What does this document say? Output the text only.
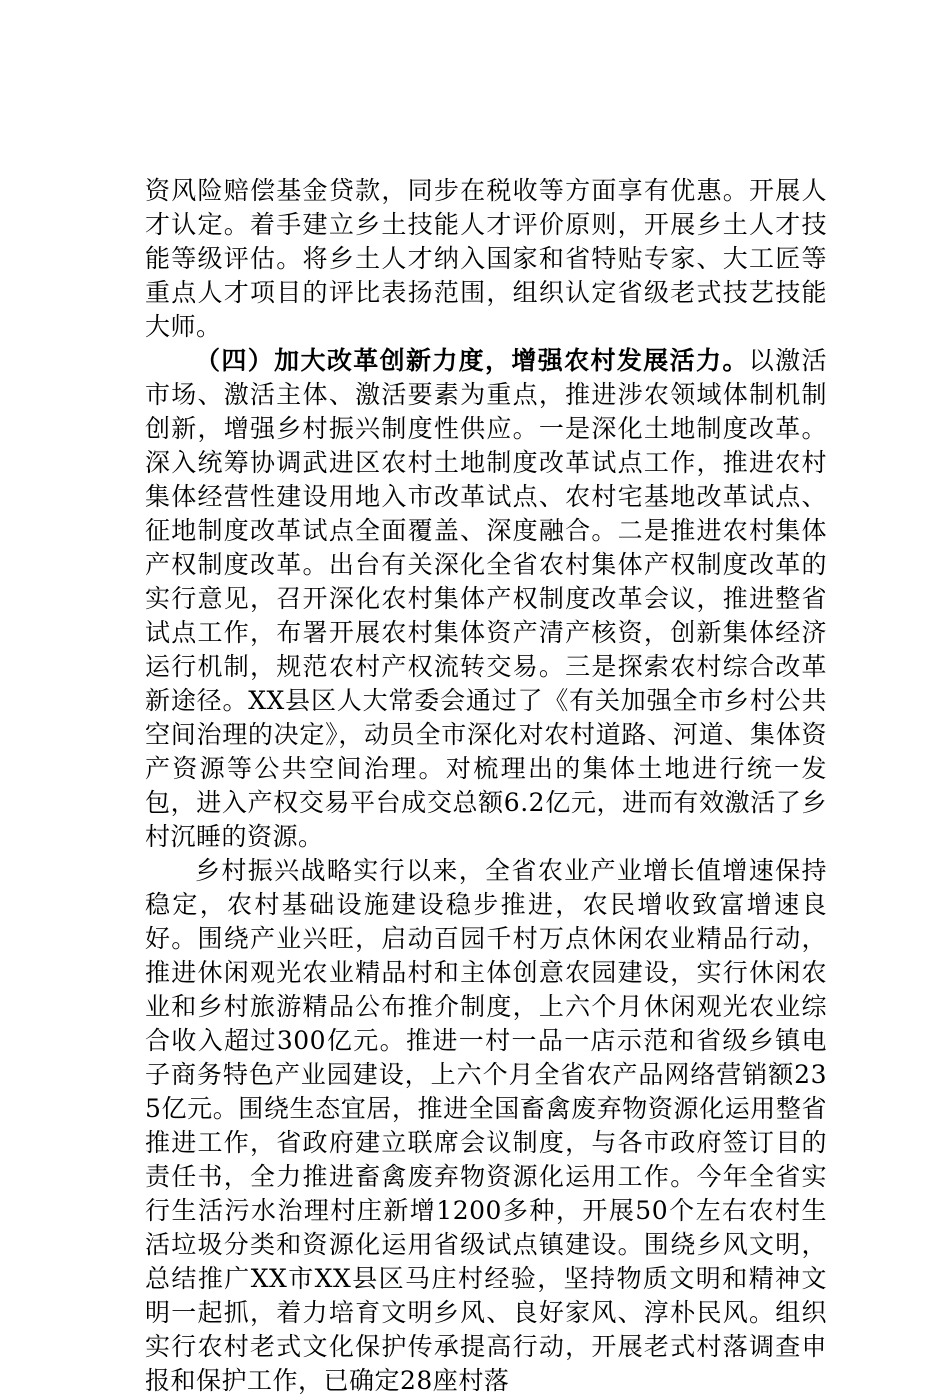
资风险赔偿基金贷款，同步在税收等方面享有优惠。开展人才认定。着手建立乡土技能人才评价原则，开展乡土人才技能等级评估。将乡土人才纳入国家和省特贴专家、大工匠等重点人才项目的评比表扬范围，组织认定省级老式技艺技能大师。

（四）加大改革创新力度，增强农村发展活力。以激活市场、激活主体、激活要素为重点，推进涉农领域体制机制创新，增强乡村振兴制度性供应。一是深化土地制度改革。深入统筹协调武进区农村土地制度改革试点工作，推进农村集体经营性建设用地入市改革试点、农村宅基地改革试点、征地制度改革试点全面覆盖、深度融合。二是推进农村集体产权制度改革。出台有关深化全省农村集体产权制度改革的实行意见，召开深化农村集体产权制度改革会议，推进整省试点工作，布署开展农村集体资产清产核资，创新集体经济运行机制，规范农村产权流转交易。三是探索农村综合改革新途径。XX县区人大常委会通过了《有关加强全市乡村公共空间治理的决定》，动员全市深化对农村道路、河道、集体资产资源等公共空间治理。对梳理出的集体土地进行统一发包，进入产权交易平台成交总额6.2亿元，进而有效激活了乡村沉睡的资源。

乡村振兴战略实行以来，全省农业产业增长值增速保持稳定，农村基础设施建设稳步推进，农民增收致富增速良好。围绕产业兴旺，启动百园千村万点休闲农业精品行动，推进休闲观光农业精品村和主体创意农园建设，实行休闲农业和乡村旅游精品公布推介制度，上六个月休闲观光农业综合收入超过300亿元。推进一村一品一店示范和省级乡镇电子商务特色产业园建设，上六个月全省农产品网络营销额235亿元。围绕生态宜居，推进全国畜禽废弃物资源化运用整省推进工作，省政府建立联席会议制度，与各市政府签订目的责任书，全力推进畜禽废弃物资源化运用工作。今年全省实行生活污水治理村庄新增1200多种，开展50个左右农村生活垃圾分类和资源化运用省级试点镇建设。围绕乡风文明，总结推广XX市XX县区马庄村经验，坚持物质文明和精神文明一起抓，着力培育文明乡风、良好家风、淳朴民风。组织实行农村老式文化保护传承提高行动，开展老式村落调查申报和保护工作，已确定28座村落
